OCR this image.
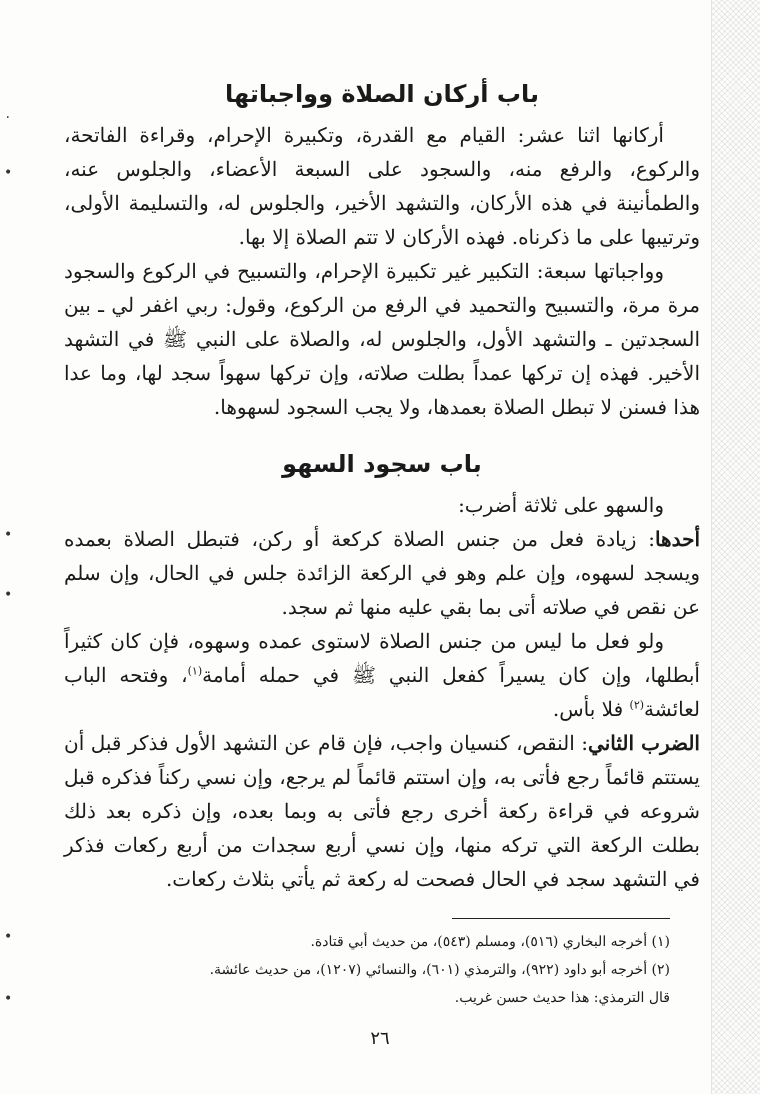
٠
•
•
•
•
•
باب أركان الصلاة وواجباتها

أركانها اثنا عشر: القيام مع القدرة، وتكبيرة الإحرام، وقراءة الفاتحة، والركوع، والرفع منه، والسجود على السبعة الأعضاء، والجلوس عنه، والطمأنينة في هذه الأركان، والتشهد الأخير، والجلوس له، والتسليمة الأولى، وترتيبها على ما ذكرناه. فهذه الأركان لا تتم الصلاة إلا بها.

وواجباتها سبعة: التكبير غير تكبيرة الإحرام، والتسبيح في الركوع والسجود مرة مرة، والتسبيح والتحميد في الرفع من الركوع، وقول: ربي اغفر لي ـ بين السجدتين ـ والتشهد الأول، والجلوس له، والصلاة على النبي ﷺ في التشهد الأخير. فهذه إن تركها عمداً بطلت صلاته، وإن تركها سهواً سجد لها، وما عدا هذا فسنن لا تبطل الصلاة بعمدها، ولا يجب السجود لسهوها.

باب سجود السهو

والسهو على ثلاثة أضرب:

أحدها: زيادة فعل من جنس الصلاة كركعة أو ركن، فتبطل الصلاة بعمده ويسجد لسهوه، وإن علم وهو في الركعة الزائدة جلس في الحال، وإن سلم عن نقص في صلاته أتى بما بقي عليه منها ثم سجد.

ولو فعل ما ليس من جنس الصلاة لاستوى عمده وسهوه، فإن كان كثيراً أبطلها، وإن كان يسيراً كفعل النبي ﷺ في حمله أمامة$^{(١)}$، وفتحه الباب لعائشة$^{(٢)}$ فلا بأس.

الضرب الثاني: النقص، كنسيان واجب، فإن قام عن التشهد الأول فذكر قبل أن يستتم قائماً رجع فأتى به، وإن استتم قائماً لم يرجع، وإن نسي ركناً فذكره قبل شروعه في قراءة ركعة أخرى رجع فأتى به وبما بعده، وإن ذكره بعد ذلك بطلت الركعة التي تركه منها، وإن نسي أربع سجدات من أربع ركعات فذكر في التشهد سجد في الحال فصحت له ركعة ثم يأتي بثلاث ركعات.

(١) أخرجه البخاري (٥١٦)، ومسلم (٥٤٣)، من حديث أبي قتادة.

(٢) أخرجه أبو داود (٩٢٢)، والترمذي (٦٠١)، والنسائي (١٢٠٧)، من حديث عائشة.

قال الترمذي: هذا حديث حسن غريب.

٢٦
